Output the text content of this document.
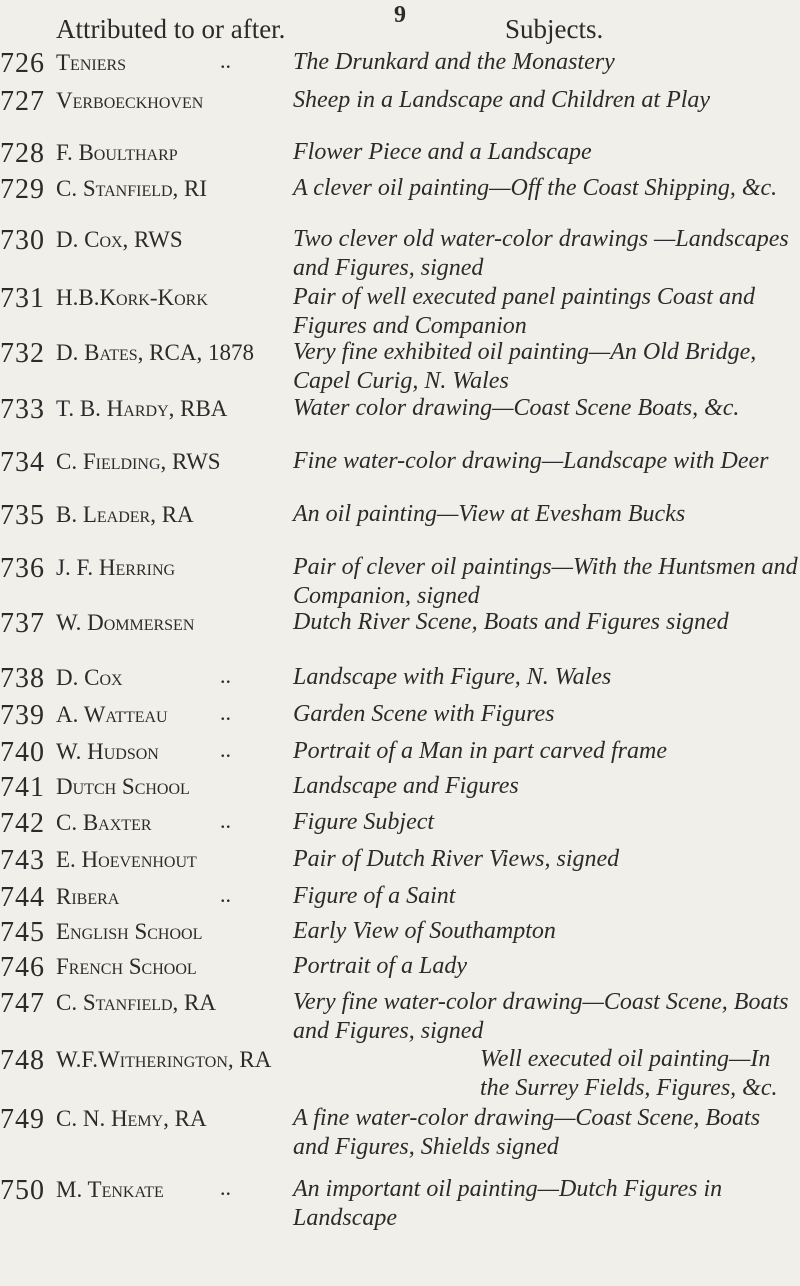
9
Attributed to or after.	Subjects.
726 Teniers	..	The Drunkard and the Monastery
727 Verboeckhoven	Sheep in a Landscape and Children at Play
728 F. Boultharp	Flower Piece and a Landscape
729 C. Stanfield, RI	A clever oil painting—Off the Coast Shipping, &c.
730 D. Cox, RWS	Two clever old water-color drawings —Landscapes and Figures, signed
731 H.B.Kork-Kork	Pair of well executed panel paintings Coast and Figures and Companion
732 D. Bates, RCA, 1878	Very fine exhibited oil painting—An Old Bridge, Capel Curig, N. Wales
733 T. B. Hardy, RBA	Water color drawing—Coast Scene Boats, &c.
734 C. Fielding, RWS	Fine water-color drawing—Landscape with Deer
735 B. Leader, RA	An oil painting—View at Evesham Bucks
736 J. F. Herring	Pair of clever oil paintings—With the Huntsmen and Companion, signed
737 W. Dommersen	Dutch River Scene, Boats and Figures signed
738 D. Cox	..	Landscape with Figure, N. Wales
739 A. Watteau	..	Garden Scene with Figures
740 W. Hudson	..	Portrait of a Man in part carved frame
741 Dutch School	Landscape and Figures
742 C. Baxter	..	Figure Subject
743 E. Hoevenhout	Pair of Dutch River Views, signed
744 Ribera	..	Figure of a Saint
745 English School	Early View of Southampton
746 French School	Portrait of a Lady
747 C. Stanfield, RA	Very fine water-color drawing—Coast Scene, Boats and Figures, signed
748 W.F.Witherington, RA	Well executed oil painting—In the Surrey Fields, Figures, &c.
749 C. N. Hemy, RA	A fine water-color drawing—Coast Scene, Boats and Figures, Shields signed
750 M. Tenkate	..	An important oil painting—Dutch Figures in Landscape
